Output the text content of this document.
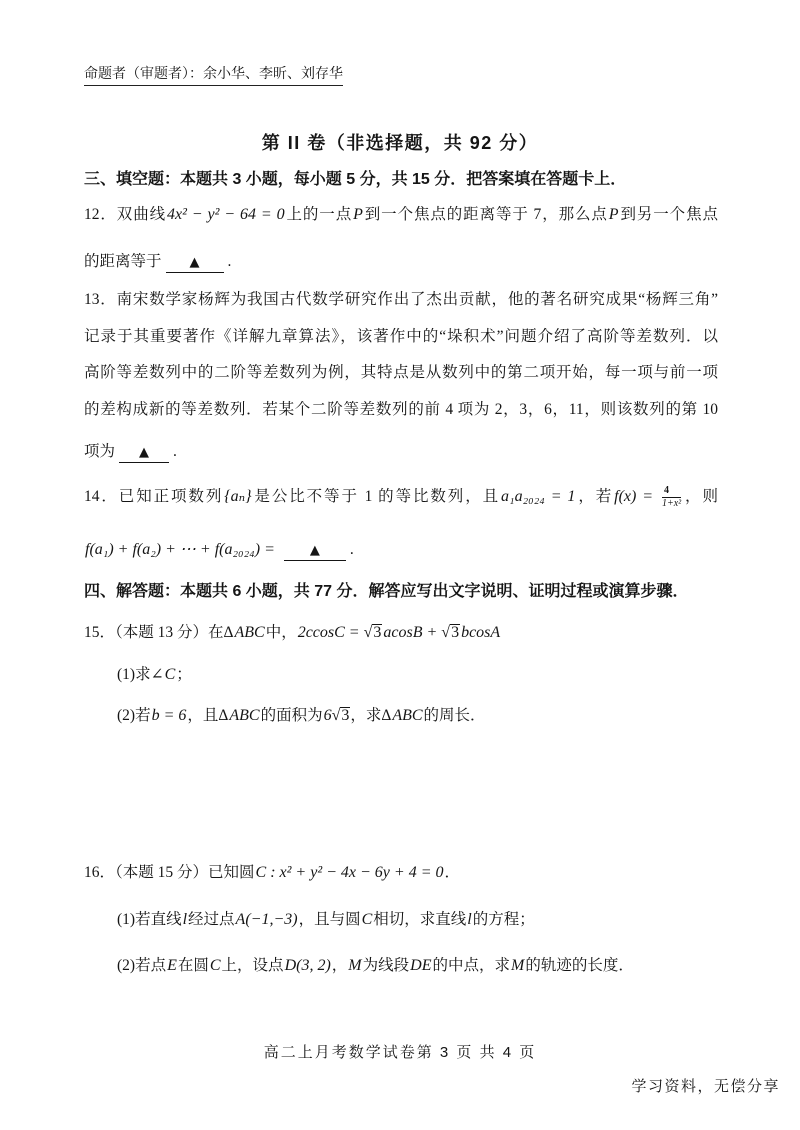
命题者（审题者）：余小华、李昕、刘存华
第 II 卷（非选择题，共 92 分）
三、填空题：本题共 3 小题，每小题 5 分，共 15 分．把答案填在答题卡上．
12．双曲线4x² − y² − 64 = 0上的一点P到一个焦点的距离等于 7，那么点P到另一个焦点
的距离等于 ▲ .
13．南宋数学家杨辉为我国古代数学研究作出了杰出贡献，他的著名研究成果“杨辉三角”
记录于其重要著作《详解九章算法》，该著作中的“垛积术”问题介绍了高阶等差数列．以
高阶等差数列中的二阶等差数列为例，其特点是从数列中的第二项开始，每一项与前一项
的差构成新的等差数列．若某个二阶等差数列的前 4 项为 2，3，6，11，则该数列的第 10
项为 ▲ .
14．已知正项数列{aₙ}是公比不等于 1 的等比数列，且a₁a₂₀₂₄ = 1，若$f(x) = \frac{4}{\text{1+x²}}$ ，则
f(a₁) + f(a₂) + ⋯ + f(a₂₀₂₄) = ▲ .
四、解答题：本题共 6 小题，共 77 分．解答应写出文字说明、证明过程或演算步骤．
15．（本题 13 分）在ΔABC中，2ccosC = √3 acosB + √3 bcosA
(1)求∠C；
(2)若b = 6，且ΔABC的面积为6√3，求ΔABC的周长．
16．（本题 15 分）已知圆C : x² + y² − 4x − 6y + 4 = 0．
(1)若直线l经过点A(−1,−3)，且与圆C相切，求直线l的方程；
(2)若点E在圆C上，设点D(3, 2)，M为线段DE的中点，求M的轨迹的长度．
高二上月考数学试卷第 3 页 共 4 页
学习资料，无偿分享
